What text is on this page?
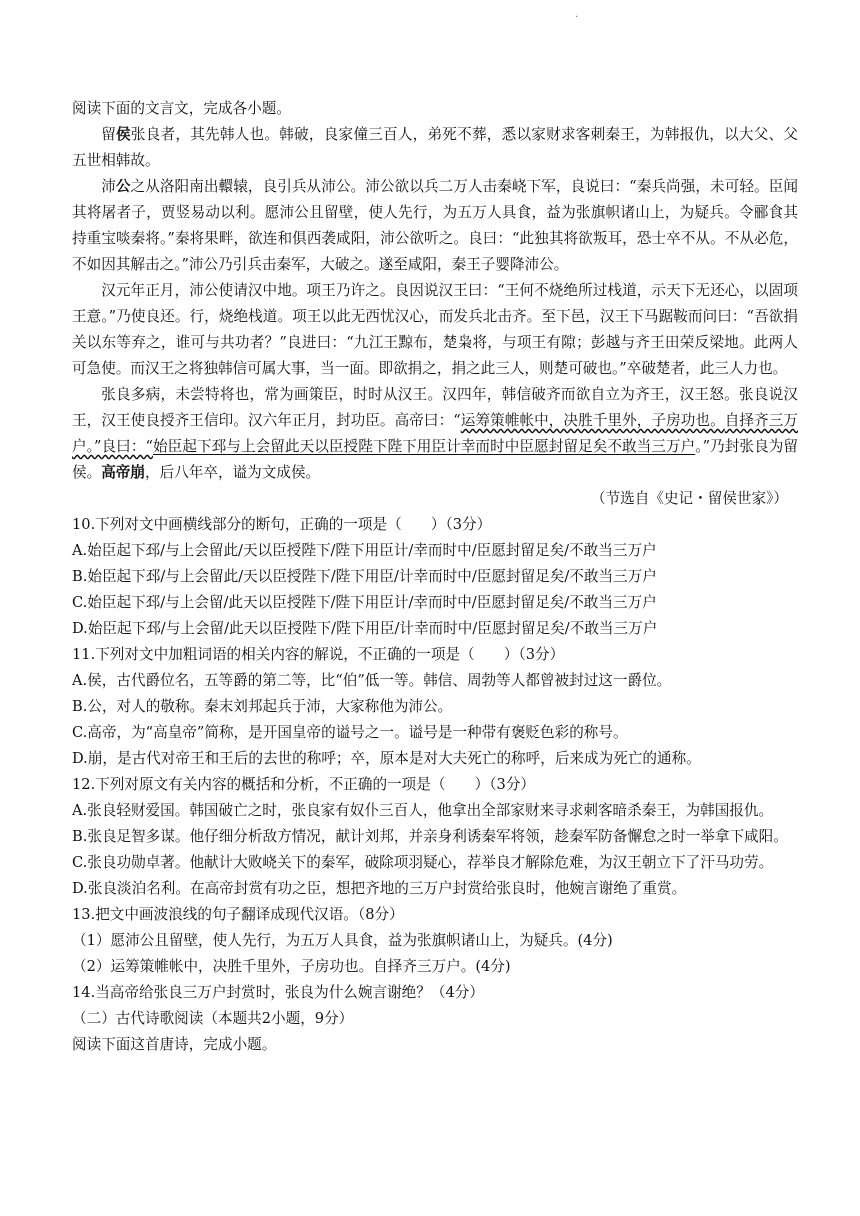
·

阅读下面的文言文，完成各小题。

留侯张良者，其先韩人也。韩破，良家僮三百人，弟死不葬，悉以家财求客刺秦王，为韩报仇，以大父、父五世相韩故。

沛公之从洛阳南出轘辕，良引兵从沛公。沛公欲以兵二万人击秦峣下军，良说曰：“秦兵尚强，未可轻。臣闻其将屠者子，贾竖易动以利。愿沛公且留壁，使人先行，为五万人具食，益为张旗帜诸山上，为疑兵。令郦食其持重宝啖秦将。”秦将果畔，欲连和俱西袭咸阳，沛公欲听之。良曰：“此独其将欲叛耳，恐士卒不从。不从必危，不如因其解击之。”沛公乃引兵击秦军，大破之。遂至咸阳，秦王子婴降沛公。

汉元年正月，沛公使请汉中地。项王乃许之。良因说汉王曰：“王何不烧绝所过栈道，示天下无还心，以固项王意。”乃使良还。行，烧绝栈道。项王以此无西忧汉心，而发兵北击齐。至下邑，汉王下马踞鞍而问曰：“吾欲捐关以东等弃之，谁可与共功者？”良进曰：“九江王黥布，楚枭将，与项王有隙；彭越与齐王田荣反梁地。此两人可急使。而汉王之将独韩信可属大事，当一面。即欲捐之，捐之此三人，则楚可破也。”卒破楚者，此三人力也。

张良多病，未尝特将也，常为画策臣，时时从汉王。汉四年，韩信破齐而欲自立为齐王，汉王怒。张良说汉王，汉王使良授齐王信印。汉六年正月，封功臣。高帝曰：“运筹策帷帐中，决胜千里外，子房功也。自择齐三万户。”良曰：“始臣起下邳与上会留此天以臣授陛下陛下用臣计幸而时中臣愿封留足矣不敢当三万户。”乃封张良为留侯。高帝崩，后八年卒，谥为文成侯。

（节选自《史记・留侯世家》）

10.下列对文中画横线部分的断句，正确的一项是（　　）（3分）

A.始臣起下邳/与上会留此/天以臣授陛下/陛下用臣计/幸而时中/臣愿封留足矣/不敢当三万户

B.始臣起下邳/与上会留此/天以臣授陛下/陛下用臣/计幸而时中/臣愿封留足矣/不敢当三万户

C.始臣起下邳/与上会留/此天以臣授陛下/陛下用臣计/幸而时中/臣愿封留足矣/不敢当三万户

D.始臣起下邳/与上会留/此天以臣授陛下/陛下用臣/计幸而时中/臣愿封留足矣/不敢当三万户

11.下列对文中加粗词语的相关内容的解说，不正确的一项是（　　）（3分）

A.侯，古代爵位名，五等爵的第二等，比“伯”低一等。韩信、周勃等人都曾被封过这一爵位。

B.公，对人的敬称。秦末刘邦起兵于沛，大家称他为沛公。

C.高帝，为“高皇帝”简称，是开国皇帝的谥号之一。谥号是一种带有褒贬色彩的称号。

D.崩，是古代对帝王和王后的去世的称呼；卒，原本是对大夫死亡的称呼，后来成为死亡的通称。

12.下列对原文有关内容的概括和分析，不正确的一项是（　　）（3分）

A.张良轻财爱国。韩国破亡之时，张良家有奴仆三百人，他拿出全部家财来寻求刺客暗杀秦王，为韩国报仇。

B.张良足智多谋。他仔细分析敌方情况，献计刘邦，并亲身利诱秦军将领，趁秦军防备懈怠之时一举拿下咸阳。

C.张良功勋卓著。他献计大败峣关下的秦军，破除项羽疑心，荐举良才解除危难，为汉王朝立下了汗马功劳。

D.张良淡泊名利。在高帝封赏有功之臣，想把齐地的三万户封赏给张良时，他婉言谢绝了重赏。

13.把文中画波浪线的句子翻译成现代汉语。（8分）

（1）愿沛公且留壁，使人先行，为五万人具食，益为张旗帜诸山上，为疑兵。(4分)

（2）运筹策帷帐中，决胜千里外，子房功也。自择齐三万户。(4分)

14.当高帝给张良三万户封赏时，张良为什么婉言谢绝？（4分）

（二）古代诗歌阅读（本题共2小题，9分）

阅读下面这首唐诗，完成小题。
